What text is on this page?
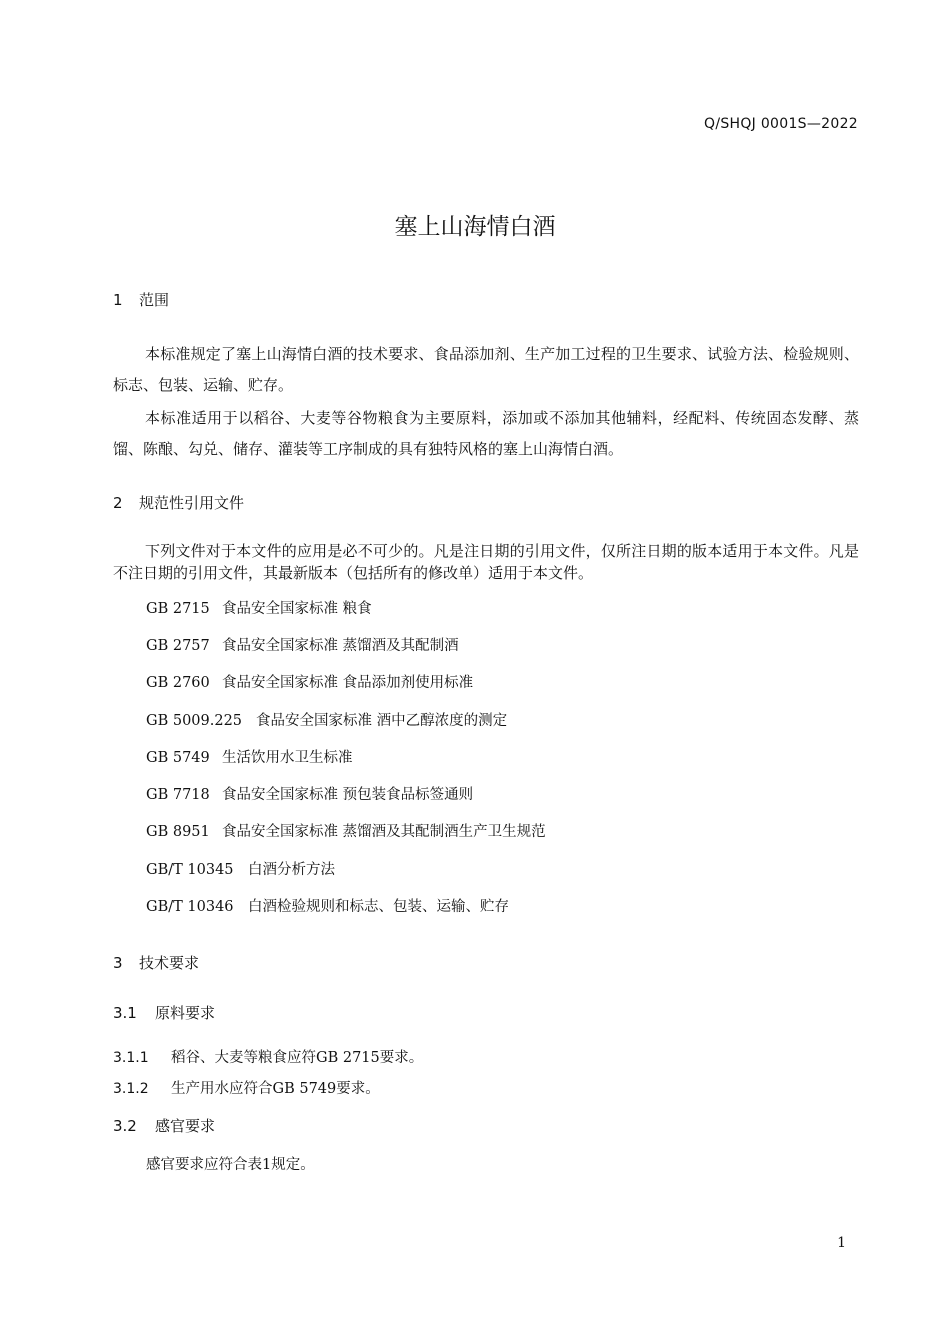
Q/SHQJ 0001S—2022
塞上山海情白酒
1 范围
本标准规定了塞上山海情白酒的技术要求、食品添加剂、生产加工过程的卫生要求、试验方法、检验规则、标志、包装、运输、贮存。
本标准适用于以稻谷、大麦等谷物粮食为主要原料，添加或不添加其他辅料，经配料、传统固态发酵、蒸馏、陈酿、勾兑、储存、灌装等工序制成的具有独特风格的塞上山海情白酒。
2 规范性引用文件
下列文件对于本文件的应用是必不可少的。凡是注日期的引用文件，仅所注日期的版本适用于本文件。凡是不注日期的引用文件，其最新版本（包括所有的修改单）适用于本文件。
GB 2715 食品安全国家标准 粮食
GB 2757 食品安全国家标准 蒸馏酒及其配制酒
GB 2760 食品安全国家标准 食品添加剂使用标准
GB 5009.225 食品安全国家标准 酒中乙醇浓度的测定
GB 5749 生活饮用水卫生标准
GB 7718 食品安全国家标准 预包装食品标签通则
GB 8951 食品安全国家标准 蒸馏酒及其配制酒生产卫生规范
GB/T 10345 白酒分析方法
GB/T 10346 白酒检验规则和标志、包装、运输、贮存
3 技术要求
3.1 原料要求
3.1.1 稻谷、大麦等粮食应符GB 2715要求。
3.1.2 生产用水应符合GB 5749要求。
3.2 感官要求
感官要求应符合表1规定。
1
